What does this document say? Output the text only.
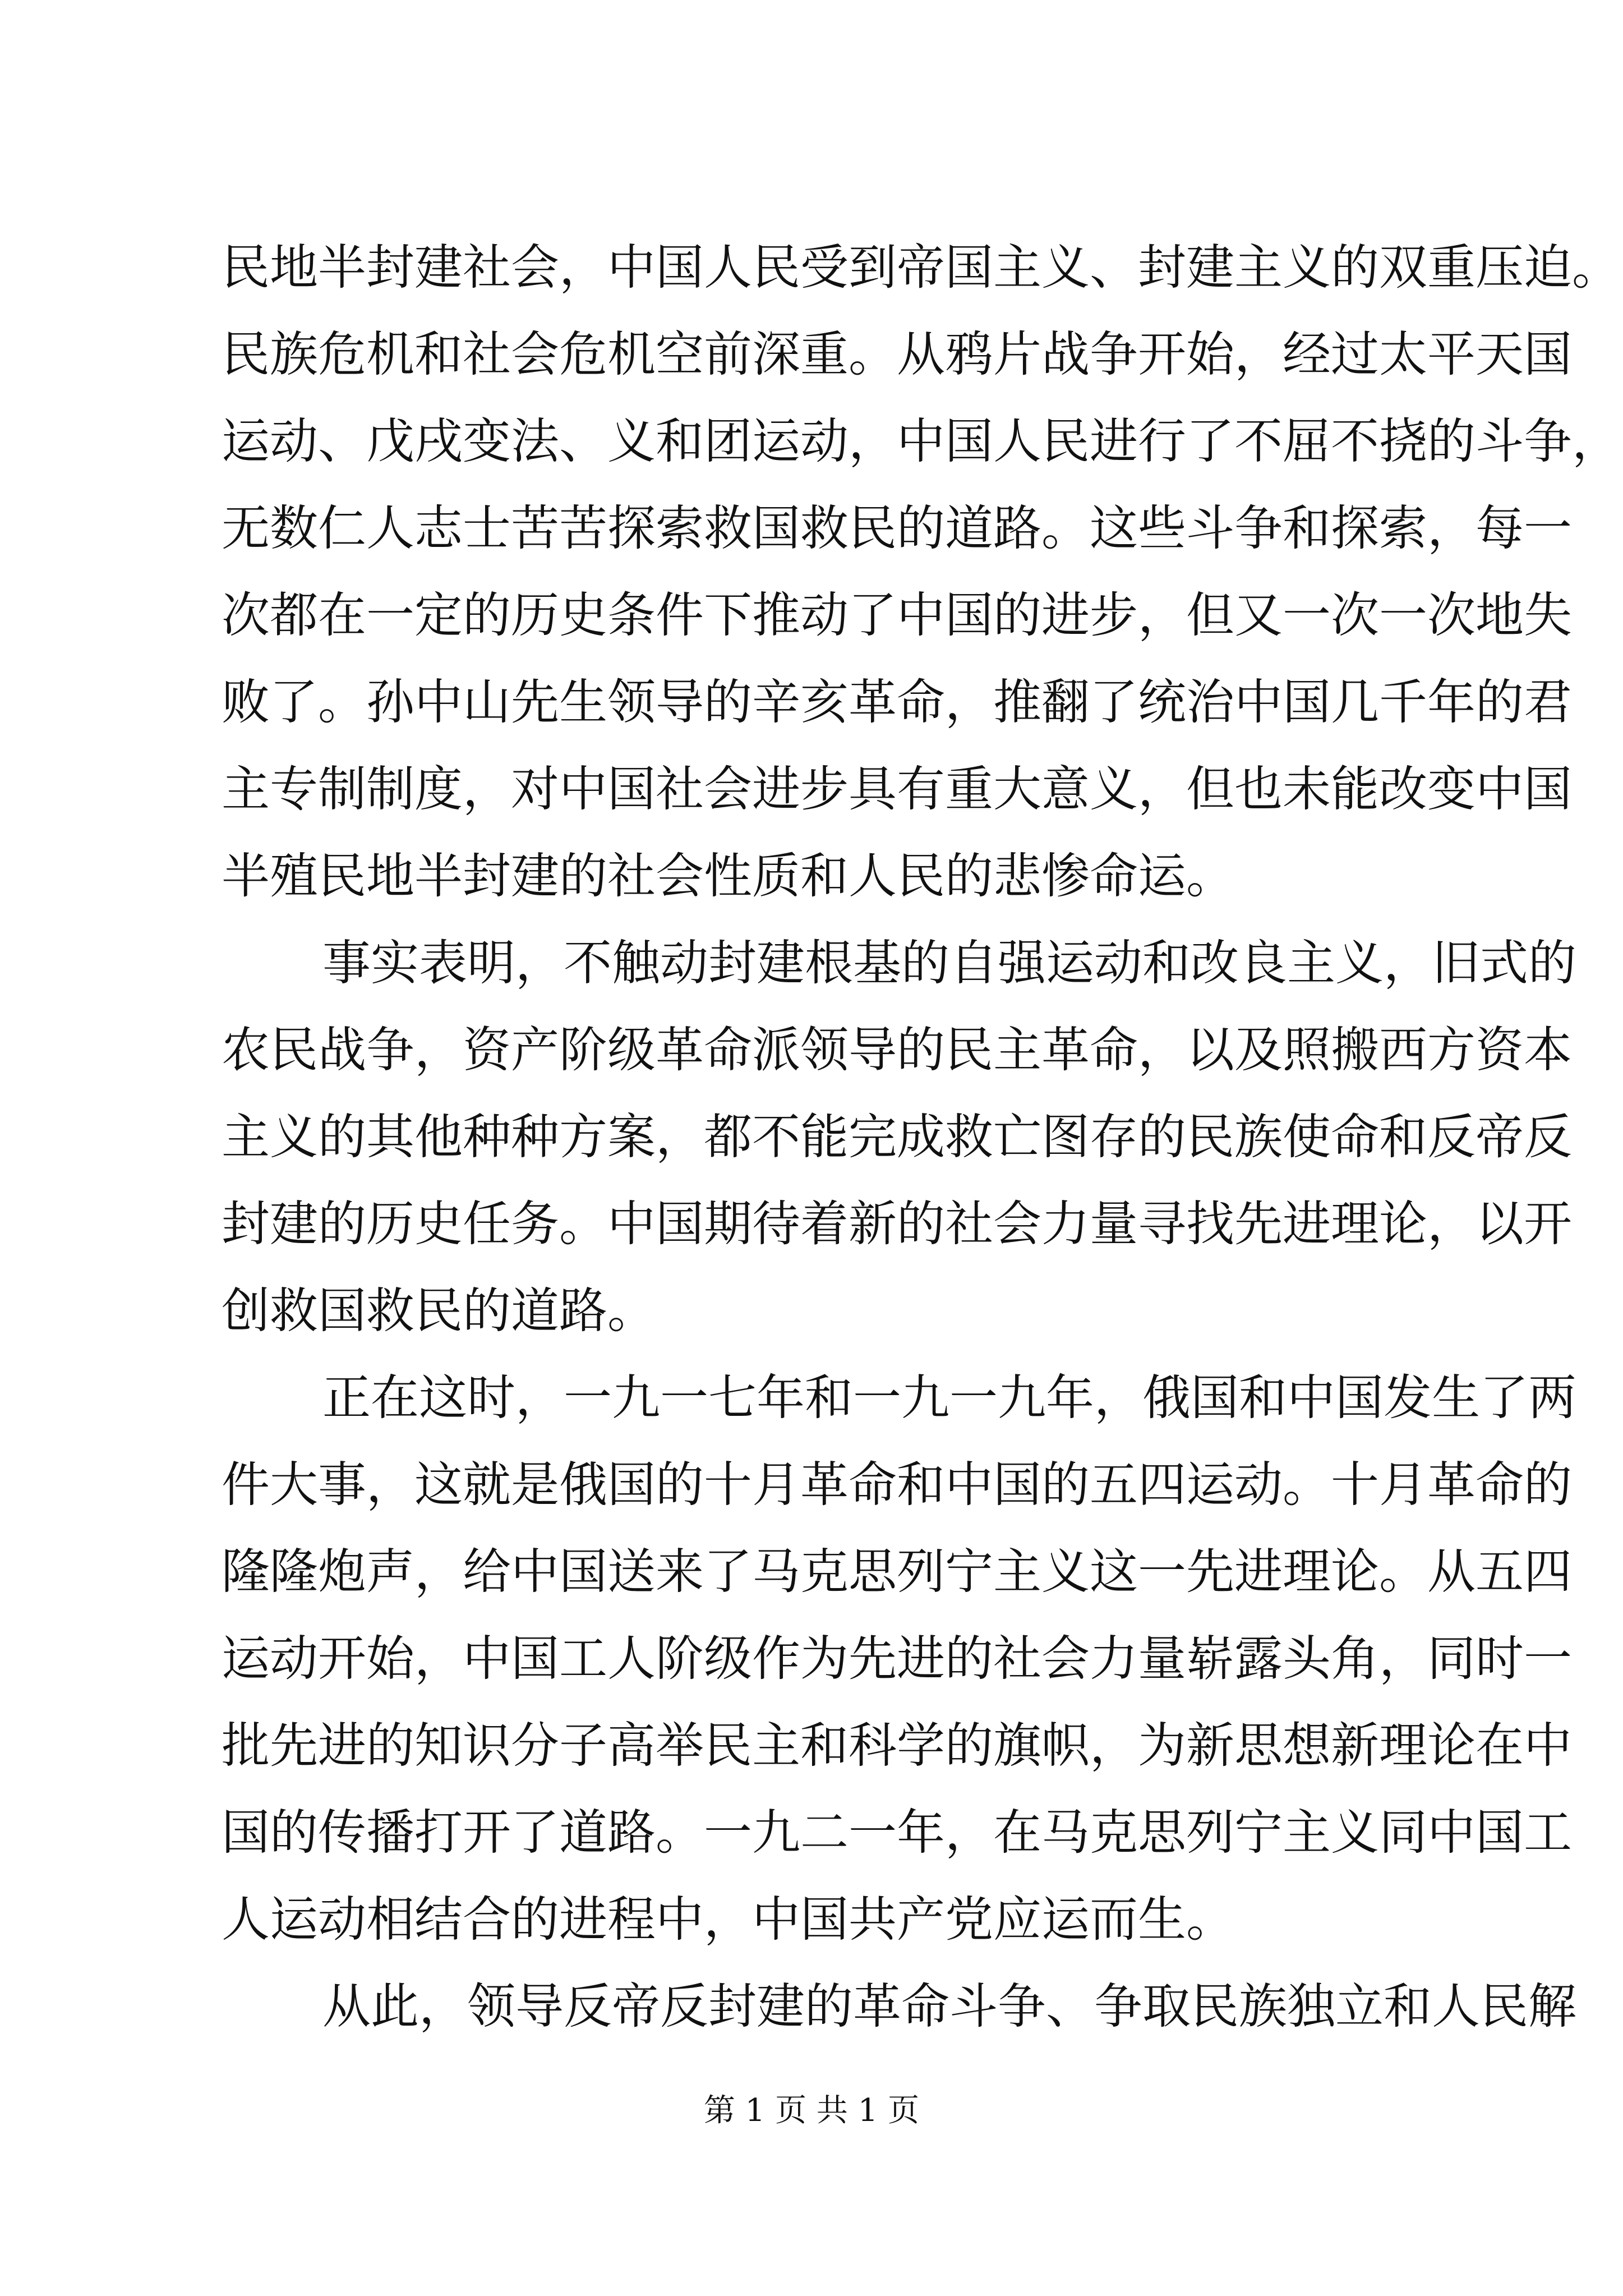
民地半封建社会，中国人民受到帝国主义、封建主义的双重压迫。
民族危机和社会危机空前深重。从鸦片战争开始，经过太平天国
运动、戊戌变法、义和团运动，中国人民进行了不屈不挠的斗争，
无数仁人志士苦苦探索救国救民的道路。这些斗争和探索，每一
次都在一定的历史条件下推动了中国的进步，但又一次一次地失
败了。孙中山先生领导的辛亥革命，推翻了统治中国几千年的君
主专制制度，对中国社会进步具有重大意义，但也未能改变中国
半殖民地半封建的社会性质和人民的悲惨命运。
事实表明，不触动封建根基的自强运动和改良主义，旧式的
农民战争，资产阶级革命派领导的民主革命，以及照搬西方资本
主义的其他种种方案，都不能完成救亡图存的民族使命和反帝反
封建的历史任务。中国期待着新的社会力量寻找先进理论，以开
创救国救民的道路。
正在这时，一九一七年和一九一九年，俄国和中国发生了两
件大事，这就是俄国的十月革命和中国的五四运动。十月革命的
隆隆炮声，给中国送来了马克思列宁主义这一先进理论。从五四
运动开始，中国工人阶级作为先进的社会力量崭露头角，同时一
批先进的知识分子高举民主和科学的旗帜，为新思想新理论在中
国的传播打开了道路。一九二一年，在马克思列宁主义同中国工
人运动相结合的进程中，中国共产党应运而生。
从此，领导反帝反封建的革命斗争、争取民族独立和人民解
第 1 页 共 1 页
